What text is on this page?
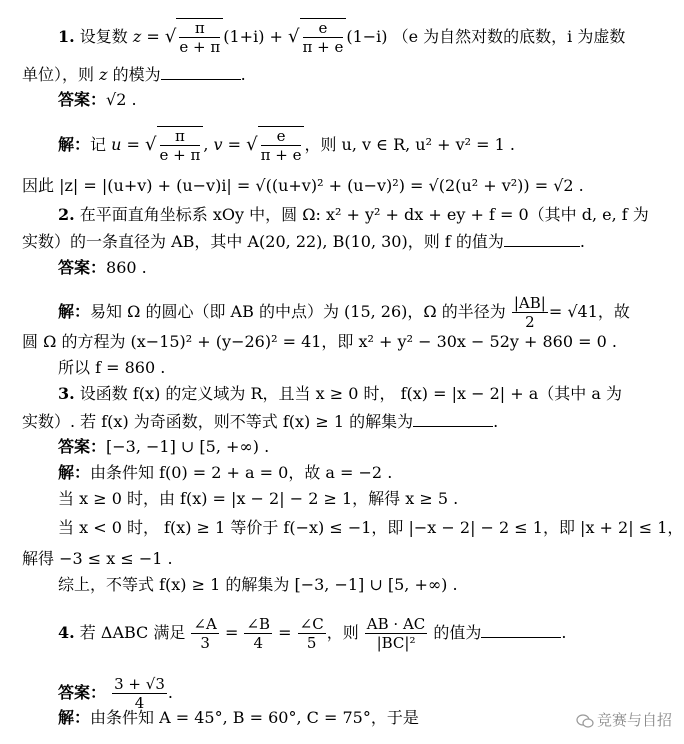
1. 设复数 z = √ $\frac{\pi}{e + \pi} (1+i)$ + √ $\frac{e}{\pi + e} (1-i)$ （e 为自然对数的底数，i 为虚数
单位），则 z 的模为	.
答案：√2 .
解：记 u = √ $\frac{\pi}{e + \pi}$ , v = √ $\frac{e}{\pi + e}$ ，则 u, v ∈ R, u² + v² = 1 .
因此 |z| = |(u+v) + (u−v)i| = √((u+v)² + (u−v)²) = √(2(u² + v²)) = √2 .
2. 在平面直角坐标系 xOy 中，圆 Ω: x² + y² + dx + ey + f = 0（其中 d, e, f 为
实数）的一条直径为 AB，其中 A(20, 22), B(10, 30)，则 f 的值为	.
答案：860 .
解：易知 Ω 的圆心（即 AB 的中点）为 (15, 26)，Ω 的半径为 $\frac{|AB|}{2} = √41$，故
圆 Ω 的方程为 (x−15)² + (y−26)² = 41，即 x² + y² − 30x − 52y + 860 = 0 .
所以 f = 860 .
3. 设函数 f(x) 的定义域为 R，且当 x ≥ 0 时， f(x) = |x − 2| + a（其中 a 为
实数）. 若 f(x) 为奇函数，则不等式 f(x) ≥ 1 的解集为	.
答案：[−3, −1] ∪ [5, +∞) .
解：由条件知 f(0) = 2 + a = 0，故 a = −2 .
当 x ≥ 0 时，由 f(x) = |x − 2| − 2 ≥ 1，解得 x ≥ 5 .
当 x < 0 时， f(x) ≥ 1 等价于 f(−x) ≤ −1，即 |−x − 2| − 2 ≤ 1，即 |x + 2| ≤ 1，
解得 −3 ≤ x ≤ −1 .
综上，不等式 f(x) ≥ 1 的解集为 [−3, −1] ∪ [5, +∞) .
4. 若 ΔABC 满足 $\frac{\angle A}{3} = \frac{\angle B}{4} = \frac{\angle C}{5}$ ，则 $\frac{AB \cdot AC}{\text{|BC|²}}$ 的值为	.
答案： $\frac{3 + √3}{4}$ .
解：由条件知 A = 45°, B = 60°, C = 75°，于是	竞赛与自招
